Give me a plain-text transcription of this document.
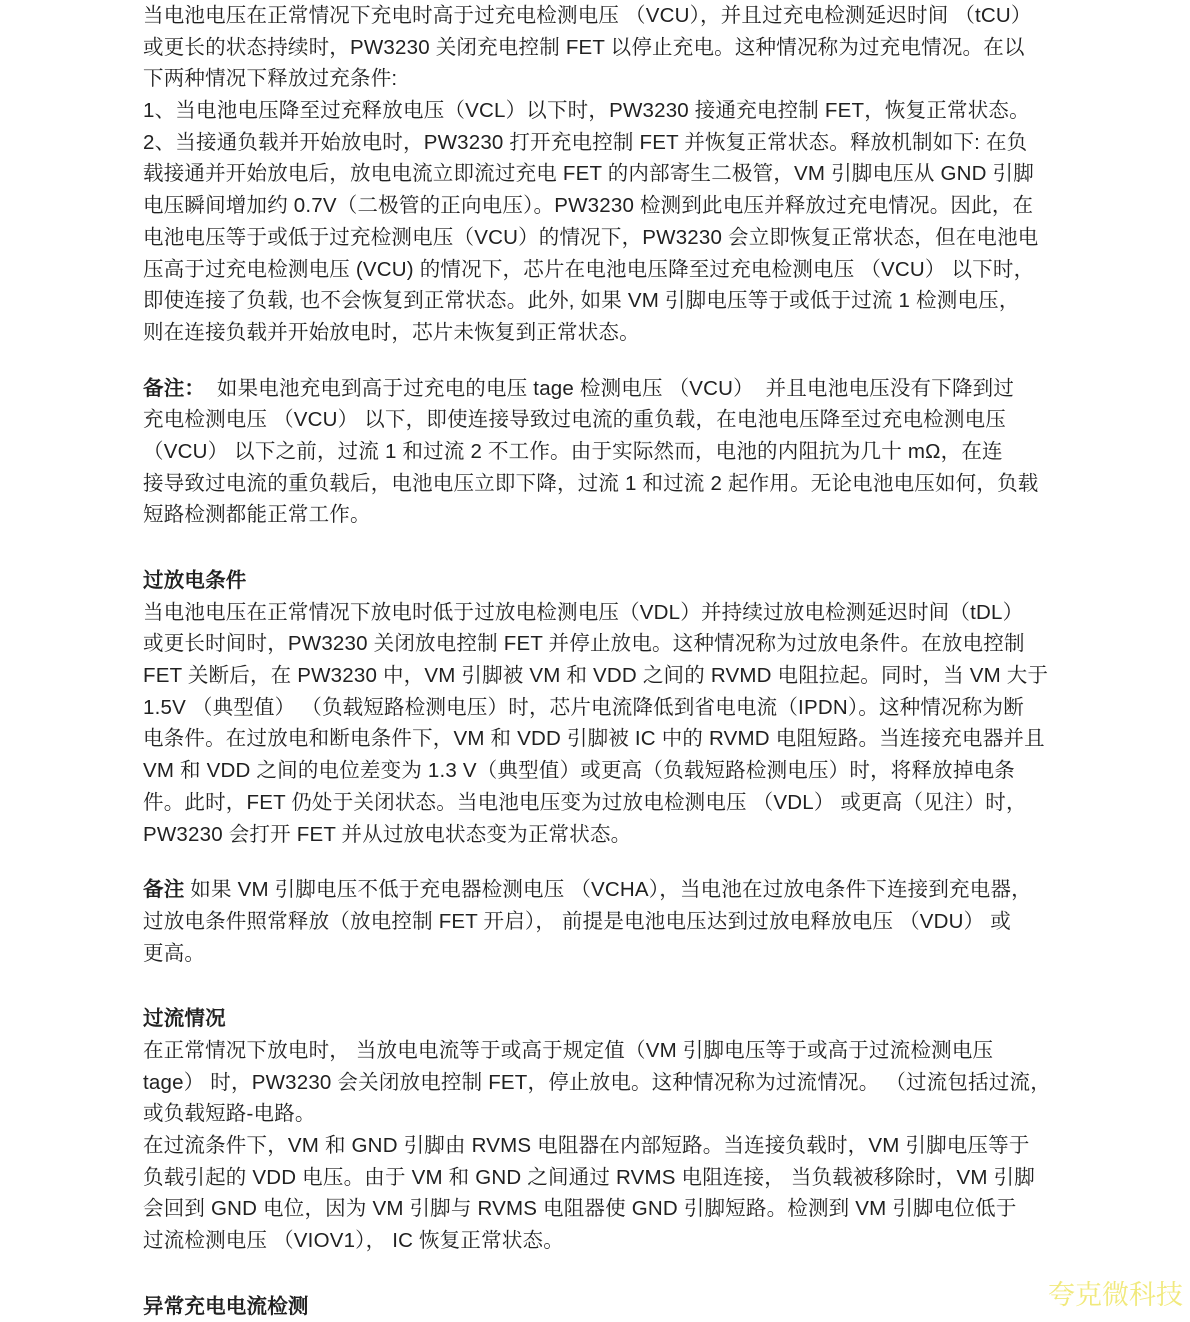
当电池电压在正常情况下充电时高于过充电检测电压 （VCU），并且过充电检测延迟时间 （tCU）
或更长的状态持续时，PW3230 关闭充电控制 FET 以停止充电。这种情况称为过充电情况。在以
下两种情况下释放过充条件:
1、当电池电压降至过充释放电压（VCL）以下时，PW3230 接通充电控制 FET，恢复正常状态。
2、当接通负载并开始放电时，PW3230 打开充电控制 FET 并恢复正常状态。释放机制如下: 在负
载接通并开始放电后，放电电流立即流过充电 FET 的内部寄生二极管，VM 引脚电压从 GND 引脚
电压瞬间增加约 0.7V（二极管的正向电压）。PW3230 检测到此电压并释放过充电情况。因此，在
电池电压等于或低于过充检测电压（VCU）的情况下，PW3230 会立即恢复正常状态，但在电池电
压高于过充电检测电压 (VCU) 的情况下，芯片在电池电压降至过充电检测电压 （VCU） 以下时，
即使连接了负载, 也不会恢复到正常状态。此外, 如果 VM 引脚电压等于或低于过流 1 检测电压，
则在连接负载并开始放电时，芯片未恢复到正常状态。
备注：  如果电池充电到高于过充电的电压 tage 检测电压 （VCU）  并且电池电压没有下降到过
充电检测电压 （VCU） 以下，即使连接导致过电流的重负载，在电池电压降至过充电检测电压
（VCU） 以下之前，过流 1 和过流 2 不工作。由于实际然而，电池的内阻抗为几十 mΩ，在连
接导致过电流的重负载后，电池电压立即下降，过流 1 和过流 2 起作用。无论电池电压如何，负载
短路检测都能正常工作。
过放电条件
当电池电压在正常情况下放电时低于过放电检测电压（VDL）并持续过放电检测延迟时间（tDL）
或更长时间时，PW3230 关闭放电控制 FET 并停止放电。这种情况称为过放电条件。在放电控制
FET 关断后，在 PW3230 中，VM 引脚被 VM 和 VDD 之间的 RVMD 电阻拉起。同时，当 VM 大于
1.5V （典型值） （负载短路检测电压）时，芯片电流降低到省电电流（IPDN）。这种情况称为断
电条件。在过放电和断电条件下，VM 和 VDD 引脚被 IC 中的 RVMD 电阻短路。当连接充电器并且
VM 和 VDD 之间的电位差变为 1.3 V（典型值）或更高（负载短路检测电压）时，将释放掉电条
件。此时，FET 仍处于关闭状态。当电池电压变为过放电检测电压 （VDL） 或更高（见注）时，
PW3230 会打开 FET 并从过放电状态变为正常状态。
备注 如果 VM 引脚电压不低于充电器检测电压 （VCHA），当电池在过放电条件下连接到充电器，
过放电条件照常释放（放电控制 FET 开启）， 前提是电池电压达到过放电释放电压 （VDU） 或
更高。
过流情况
在正常情况下放电时， 当放电电流等于或高于规定值（VM 引脚电压等于或高于过流检测电压
tage） 时，PW3230 会关闭放电控制 FET，停止放电。这种情况称为过流情况。 （过流包括过流，
或负载短路-电路。
在过流条件下，VM 和 GND 引脚由 RVMS 电阻器在内部短路。当连接负载时，VM 引脚电压等于
负载引起的 VDD 电压。由于 VM 和 GND 之间通过 RVMS 电阻连接， 当负载被移除时，VM 引脚
会回到 GND 电位，因为 VM 引脚与 RVMS 电阻器使 GND 引脚短路。检测到 VM 引脚电位低于
过流检测电压 （VIOV1）， IC 恢复正常状态。
异常充电电流检测	夸克微科技
